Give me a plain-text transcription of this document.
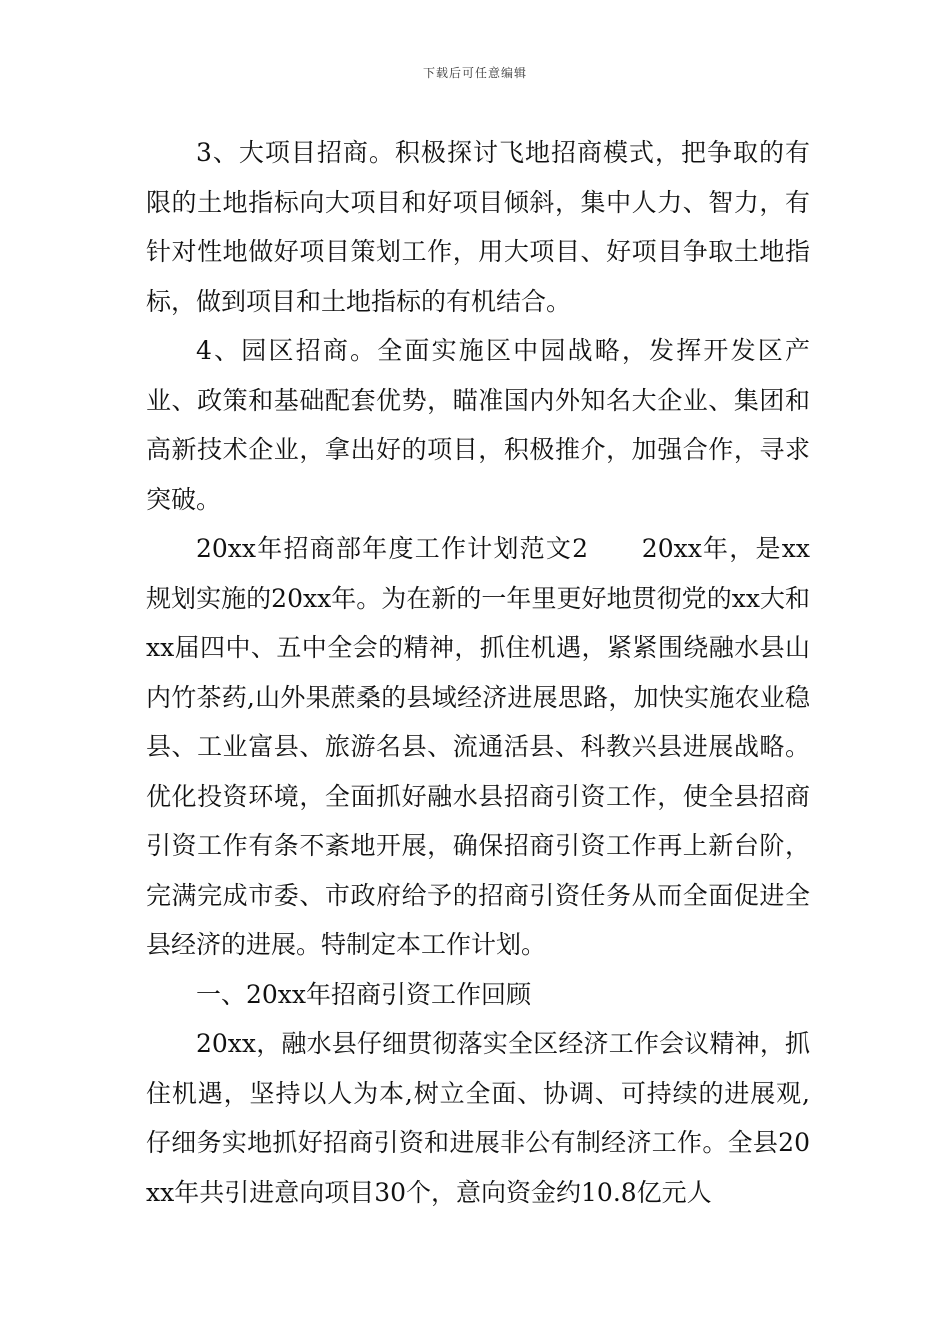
下载后可任意编辑

3、大项目招商。积极探讨飞地招商模式，把争取的有限的土地指标向大项目和好项目倾斜，集中人力、智力，有针对性地做好项目策划工作，用大项目、好项目争取土地指标，做到项目和土地指标的有机结合。

4、园区招商。全面实施区中园战略，发挥开发区产业、政策和基础配套优势，瞄准国内外知名大企业、集团和高新技术企业，拿出好的项目，积极推介，加强合作，寻求突破。

20xx年招商部年度工作计划范文2　　20xx年，是xx规划实施的20xx年。为在新的一年里更好地贯彻党的xx大和xx届四中、五中全会的精神，抓住机遇，紧紧围绕融水县山内竹茶药,山外果蔗桑的县域经济进展思路，加快实施农业稳县、工业富县、旅游名县、流通活县、科教兴县进展战略。优化投资环境，全面抓好融水县招商引资工作，使全县招商引资工作有条不紊地开展，确保招商引资工作再上新台阶，完满完成市委、市政府给予的招商引资任务从而全面促进全县经济的进展。特制定本工作计划。

一、20xx年招商引资工作回顾

20xx，融水县仔细贯彻落实全区经济工作会议精神，抓住机遇，坚持以人为本,树立全面、协调、可持续的进展观,仔细务实地抓好招商引资和进展非公有制经济工作。全县20xx年共引进意向项目30个，意向资金约10.8亿元人
